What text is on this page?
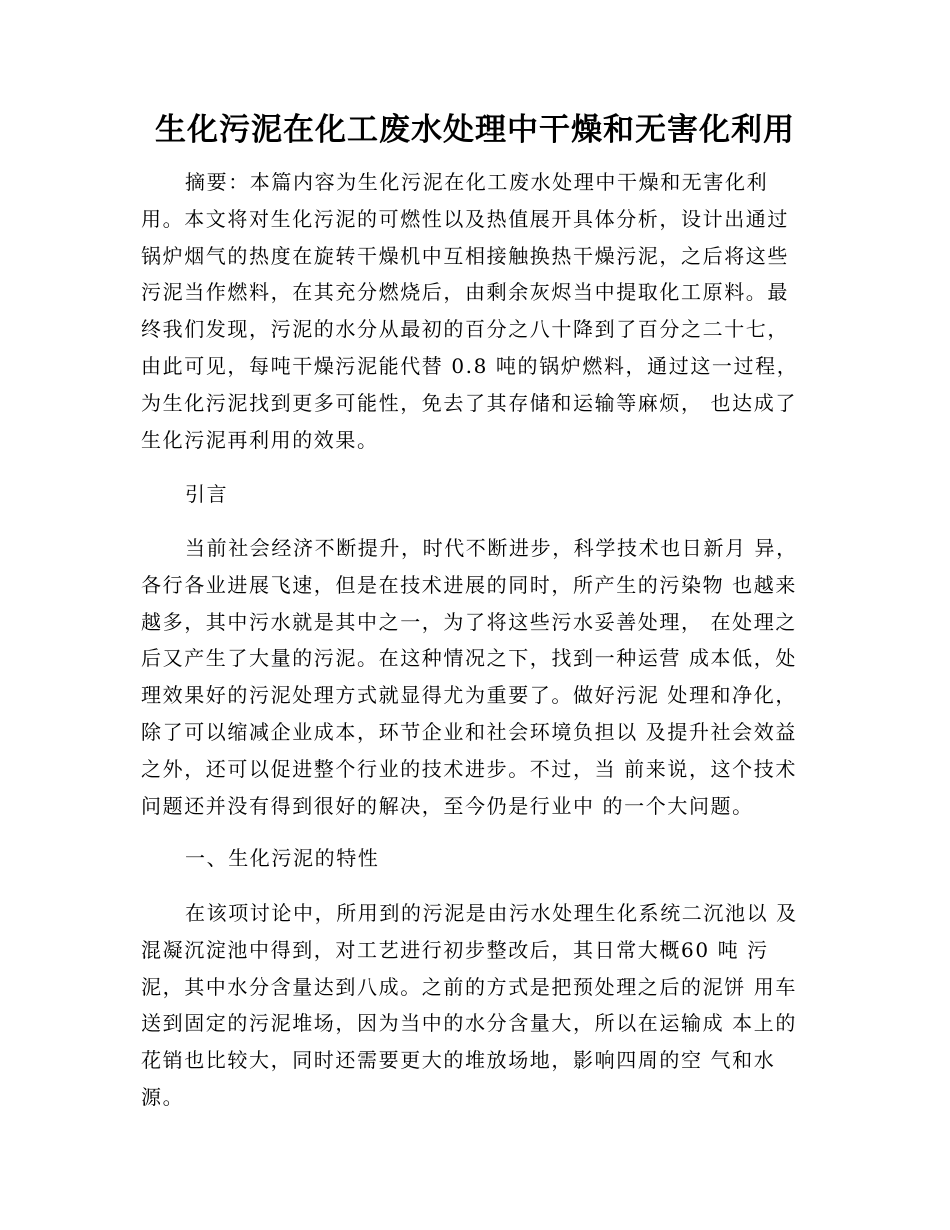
生化污泥在化工废水处理中干燥和无害化利用
摘要：本篇内容为生化污泥在化工废水处理中干燥和无害化利
用。本文将对生化污泥的可燃性以及热值展开具体分析，设计出通过
锅炉烟气的热度在旋转干燥机中互相接触换热干燥污泥，之后将这些
污泥当作燃料，在其充分燃烧后，由剩余灰烬当中提取化工原料。最
终我们发现，污泥的水分从最初的百分之八十降到了百分之二十七，
由此可见，每吨干燥污泥能代替 0.8 吨的锅炉燃料，通过这一过程，
为生化污泥找到更多可能性，免去了其存储和运输等麻烦， 也达成了
生化污泥再利用的效果。
引言
当前社会经济不断提升，时代不断进步，科学技术也日新月 异，
各行各业进展飞速，但是在技术进展的同时，所产生的污染物 也越来
越多，其中污水就是其中之一，为了将这些污水妥善处理， 在处理之
后又产生了大量的污泥。在这种情况之下，找到一种运营 成本低，处
理效果好的污泥处理方式就显得尤为重要了。做好污泥 处理和净化，
除了可以缩减企业成本，环节企业和社会环境负担以 及提升社会效益
之外，还可以促进整个行业的技术进步。不过，当 前来说，这个技术
问题还并没有得到很好的解决，至今仍是行业中 的一个大问题。
一、生化污泥的特性
在该项讨论中，所用到的污泥是由污水处理生化系统二沉池以 及
混凝沉淀池中得到，对工艺进行初步整改后，其日常大概60 吨 污
泥，其中水分含量达到八成。之前的方式是把预处理之后的泥饼 用车
送到固定的污泥堆场，因为当中的水分含量大，所以在运输成 本上的
花销也比较大，同时还需要更大的堆放场地，影响四周的空 气和水
源。
